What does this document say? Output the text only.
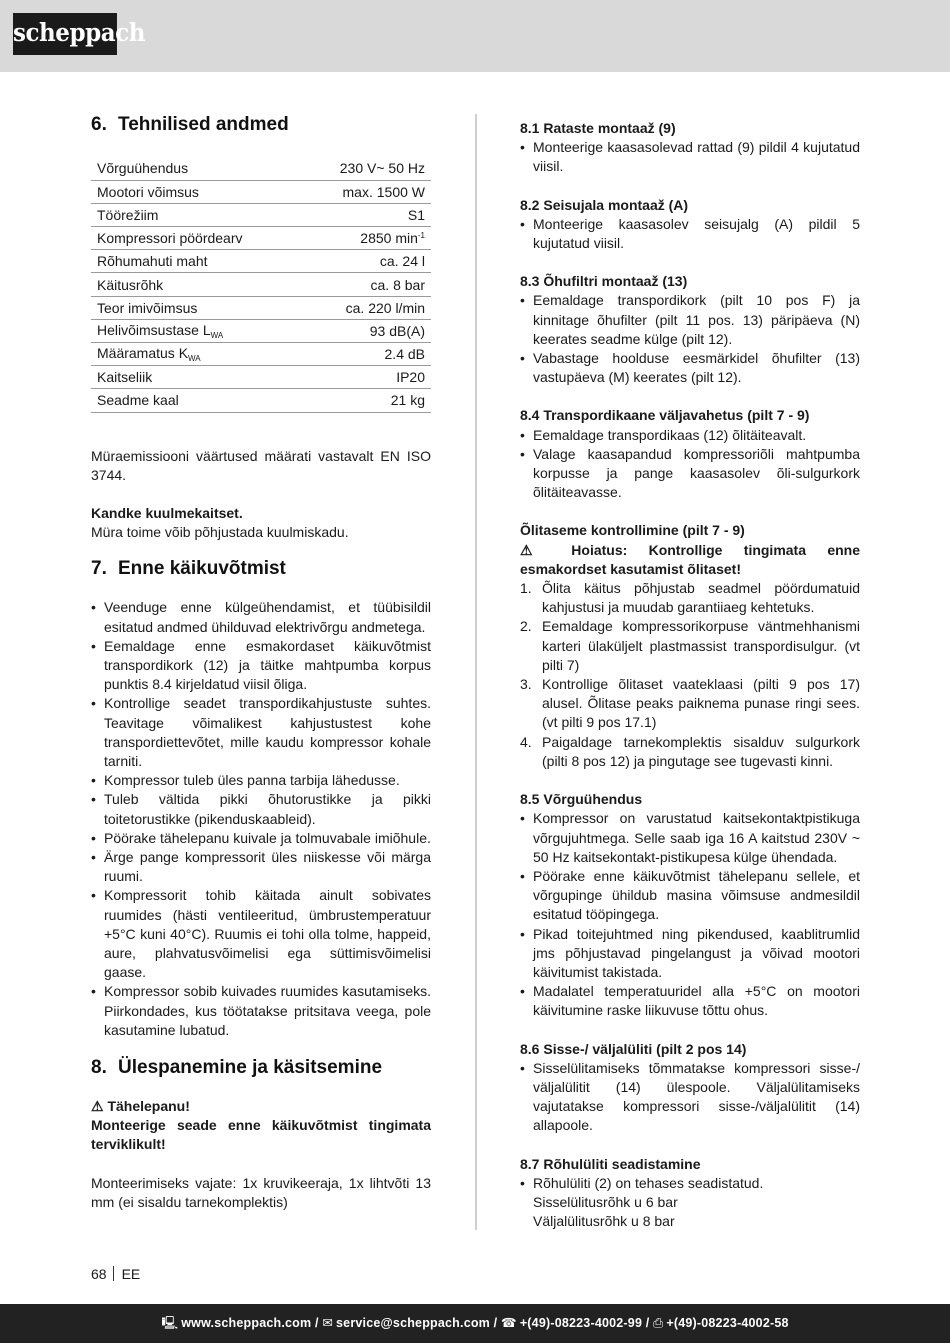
scheppach
6. Tehnilised andmed
Võrguühendus	230 V~ 50 Hz
Mootori võimsus	max. 1500 W
Töörežiim	S1
Kompressori pöördearv	2850 $\min^{-1}$
Rõhumahuti maht	ca. 24 l
Käitusrõhk	ca. 8 bar
Teor imivõimsus	ca. 220 l/min
Helivõimsustase $L_{WA}$	93 dB(A)
Määramatus $K_{WA}$	2.4 dB
Kaitseliik	IP20
Seadme kaal	21 kg

Müraemissiooni väärtused määrati vastavalt EN ISO 3744.

Kandke kuulmekaitset.

Müra toime võib põhjustada kuulmiskadu.

7. Enne käikuvõtmist
• Veenduge enne külgeühendamist, et tüübisildil esitatud andmed ühilduvad elektrivõrgu andmetega.
• Eemaldage enne esmakordaset käikuvõtmist transpordikork (12) ja täitke mahtpumba korpus punktis 8.4 kirjeldatud viisil õliga.
• Kontrollige seadet transpordikahjustuste suhtes. Teavitage võimalikest kahjustustest kohe transpordiettevõtet, mille kaudu kompressor kohale tarniti.
• Kompressor tuleb üles panna tarbija lähedusse.
• Tuleb vältida pikki õhutorustikke ja pikki toitetorustikke (pikenduskaableid).
• Pöörake tähelepanu kuivale ja tolmuvabale imiõhule.
• Ärge pange kompressorit üles niiskesse või märga ruumi.
• Kompressorit tohib käitada ainult sobivates ruumides (hästi ventileeritud, ümbrustemperatuur +5°C kuni 40°C). Ruumis ei tohi olla tolme, happeid, aure, plahvatusvõimelisi ega süttimisvõimelisi gaase.
• Kompressor sobib kuivades ruumides kasutamiseks. Piirkondades, kus töötatakse pritsitava veega, pole kasutamine lubatud.
8. Ülespanemine ja käsitsemine

⚠ Tähelepanu!

Monteerige seade enne käikuvõtmist tingimata terviklikult!

Monteerimiseks vajate: 1x kruvikeeraja, 1x lihtvõti 13 mm (ei sisaldu tarnekomplektis)

8.1 Rataste montaaž (9)

• Monteerige kaasasolevad rattad (9) pildil 4 kujutatud viisil.

8.2 Seisujala montaaž (A)

• Monteerige kaasasolev seisujalg (A) pildil 5 kujutatud viisil.

8.3 Õhufiltri montaaž (13)

• Eemaldage transpordikork (pilt 10 pos F) ja kinnitage õhufilter (pilt 11 pos. 13) päripäeva (N) keerates seadme külge (pilt 12).
• Vabastage hoolduse eesmärkidel õhufilter (13) vastupäeva (M) keerates (pilt 12).

8.4 Transpordikaane väljavahetus (pilt 7 - 9)

• Eemaldage transpordikaas (12) õlitäiteavalt.
• Valage kaasapandud kompressoriõli mahtpumba korpusse ja pange kaasasolev õli-sulgurkork õlitäiteavasse.

Õlitaseme kontrollimine (pilt 7 - 9)

⚠ Hoiatus: Kontrollige tingimata enne esmakordset kasutamist õlitaset!

1. Õlita käitus põhjustab seadmel pöördumatuid kahjustusi ja muudab garantiiaeg kehtetuks.
2. Eemaldage kompressorikorpuse väntmehhanismi karteri ülaküljelt plastmassist transpordisulgur. (vt pilti 7)
3. Kontrollige õlitaset vaateklaasi (pilti 9 pos 17) alusel. Õlitase peaks paiknema punase ringi sees. (vt pilti 9 pos 17.1)
4. Paigaldage tarnekomplektis sisalduv sulgurkork (pilti 8 pos 12) ja pingutage see tugevasti kinni.

8.5 Võrguühendus

• Kompressor on varustatud kaitsekontaktpistikuga võrgujuhtmega. Selle saab iga 16 A kaitstud 230V ~ 50 Hz kaitsekontakt-pistikupesa külge ühendada.
• Pöörake enne käikuvõtmist tähelepanu sellele, et võrgupinge ühildub masina võimsuse andmesildil esitatud tööpingega.
• Pikad toitejuhtmed ning pikendused, kaablitrumlid jms põhjustavad pingelangust ja võivad mootori käivitumist takistada.
• Madalatel temperatuuridel alla +5°C on mootori käivitumine raske liikuvuse tõttu ohus.

8.6 Sisse-/ väljalüliti (pilt 2 pos 14)

• Sisselülitamiseks tõmmatakse kompressori sisse-/ väljalülitit (14) ülespoole. Väljalülitamiseks vajutatakse kompressori sisse-/väljalülitit (14) allapoole.

8.7 Rõhulüliti seadistamine

• Rõhulüliti (2) on tehases seadistatud.

Sisselülitusrõhk u 6 bar

Väljalülitusrõhk u 8 bar

68 EE
🖳 www.scheppach.com / ✉ service@scheppach.com / ☎ +(49)-08223-4002-99 / ⎙ +(49)-08223-4002-58
